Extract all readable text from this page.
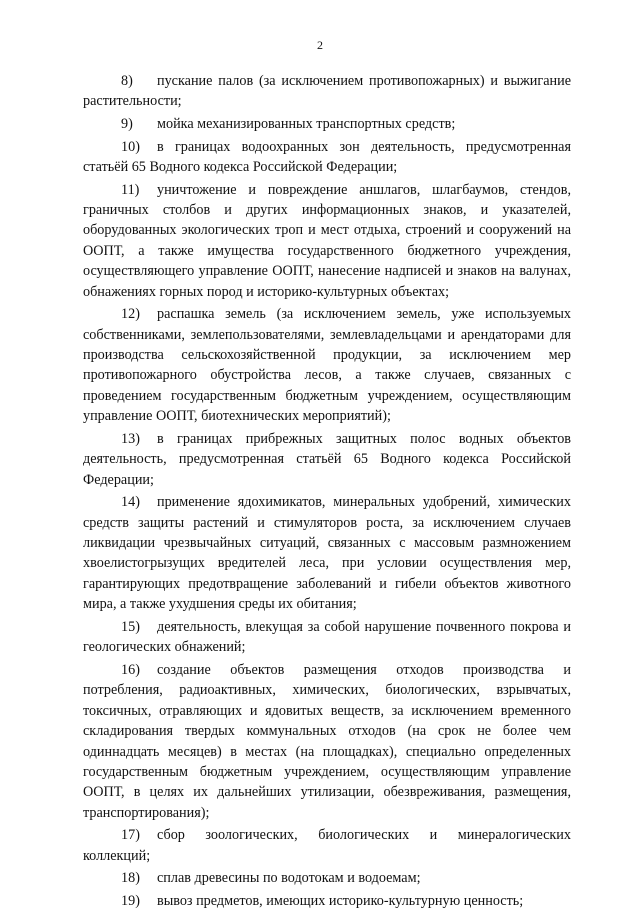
2

8) пускание палов (за исключением противопожарных) и выжигание растительности;

9) мойка механизированных транспортных средств;

10) в границах водоохранных зон деятельность, предусмотренная статьёй 65 Водного кодекса Российской Федерации;

11) уничтожение и повреждение аншлагов, шлагбаумов, стендов, граничных столбов и других информационных знаков, и указателей, оборудованных экологических троп и мест отдыха, строений и сооружений на ООПТ, а также имущества государственного бюджетного учреждения, осуществляющего управление ООПТ, нанесение надписей и знаков на валунах, обнажениях горных пород и историко-культурных объектах;

12) распашка земель (за исключением земель, уже используемых собственниками, землепользователями, землевладельцами и арендаторами для производства сельскохозяйственной продукции, за исключением мер противопожарного обустройства лесов, а также случаев, связанных с проведением государственным бюджетным учреждением, осуществляющим управление ООПТ, биотехнических мероприятий);

13) в границах прибрежных защитных полос водных объектов деятельность, предусмотренная статьёй 65 Водного кодекса Российской Федерации;

14) применение ядохимикатов, минеральных удобрений, химических средств защиты растений и стимуляторов роста, за исключением случаев ликвидации чрезвычайных ситуаций, связанных с массовым размножением хвоелистогрызущих вредителей леса, при условии осуществления мер, гарантирующих предотвращение заболеваний и гибели объектов животного мира, а также ухудшения среды их обитания;

15) деятельность, влекущая за собой нарушение почвенного покрова и геологических обнажений;

16) создание объектов размещения отходов производства и потребления, радиоактивных, химических, биологических, взрывчатых, токсичных, отравляющих и ядовитых веществ, за исключением временного складирования твердых коммунальных отходов (на срок не более чем одиннадцать месяцев) в местах (на площадках), специально определенных государственным бюджетным учреждением, осуществляющим управление ООПТ, в целях их дальнейших утилизации, обезвреживания, размещения, транспортирования);

17) сбор зоологических, биологических и минералогических коллекций;

18) сплав древесины по водотокам и водоемам;

19) вывоз предметов, имеющих историко-культурную ценность;
